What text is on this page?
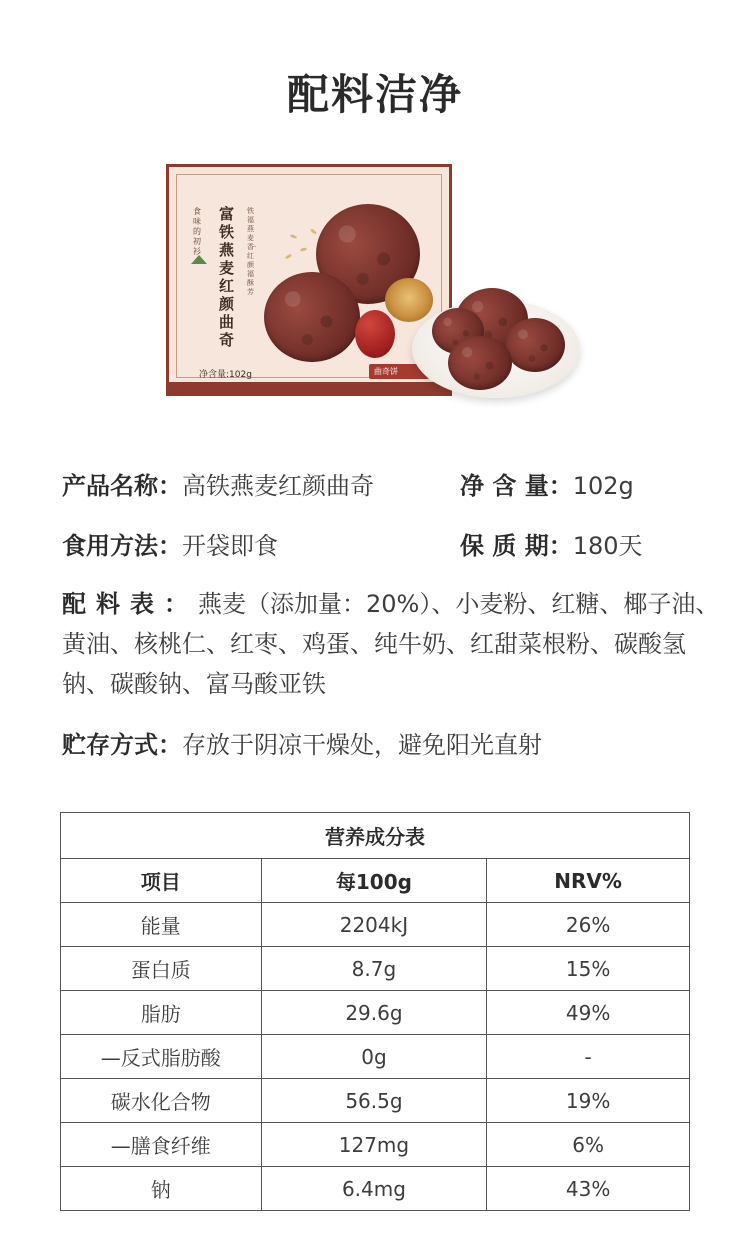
配料洁净
食味的初衫
富铁燕麦红颜曲奇
铁福燕麦香·红颜福酥芳
净含量:102g	曲奇饼
产品名称：高铁燕麦红颜曲奇	净 含 量：102g
食用方法：开袋即食	保 质 期：180天
配料表：燕麦（添加量：20%）、小麦粉、红糖、椰子油、黄油、核桃仁、红枣、鸡蛋、纯牛奶、红甜菜根粉、碳酸氢钠、碳酸钠、富马酸亚铁
贮存方式：存放于阴凉干燥处，避免阳光直射
营养成分表		
项目	每100g	NRV%
能量	2204kJ	26%
蛋白质	8.7g	15%
脂肪	29.6g	49%
—反式脂肪酸	0g	-
碳水化合物	56.5g	19%
—膳食纤维	127mg	6%
钠	6.4mg	43%
